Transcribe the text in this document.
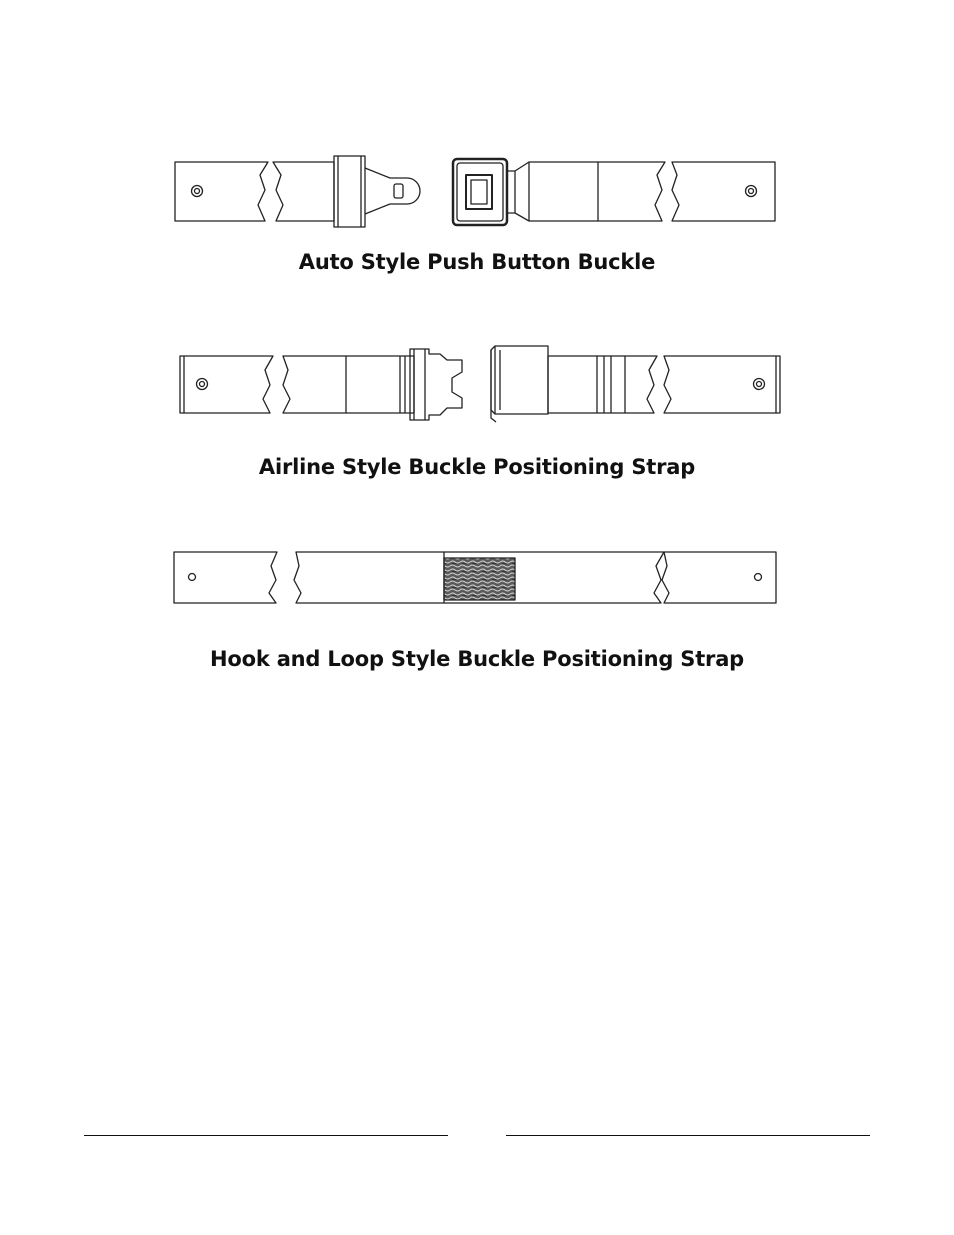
Auto Style Push Button Buckle
Airline Style Buckle Positioning Strap
Hook and Loop Style Buckle Positioning Strap
